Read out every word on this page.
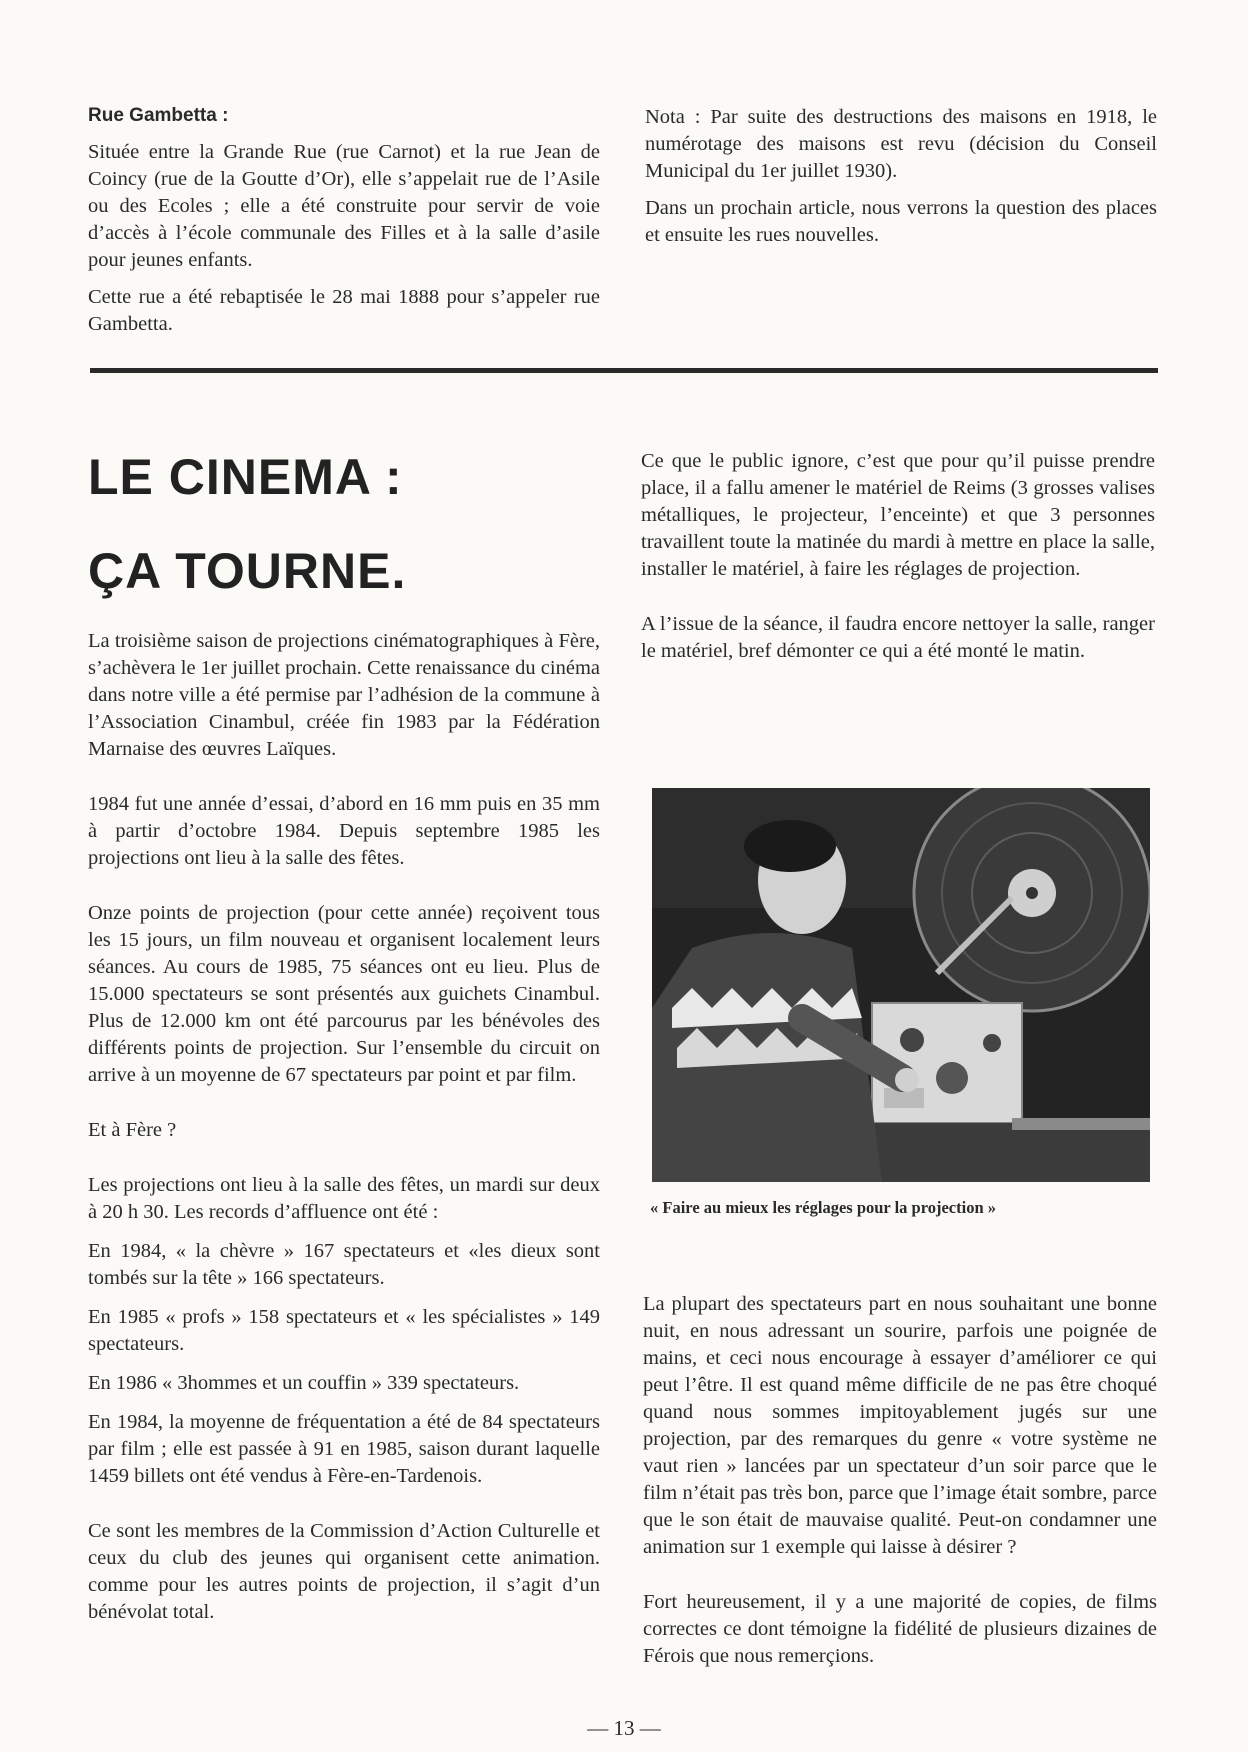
Rue Gambetta :

Située entre la Grande Rue (rue Carnot) et la rue Jean de Coincy (rue de la Goutte d’Or), elle s’appelait rue de l’Asile ou des Ecoles ; elle a été construite pour servir de voie d’accès à l’école communale des Filles et à la salle d’asile pour jeunes enfants.

Cette rue a été rebaptisée le 28 mai 1888 pour s’appeler rue Gambetta.

Nota : Par suite des destructions des maisons en 1918, le numérotage des maisons est revu (décision du Conseil Municipal du 1er juillet 1930).

Dans un prochain article, nous verrons la question des places et ensuite les rues nouvelles.

LE CINEMA :
ÇA TOURNE.

La troisième saison de projections cinématographiques à Fère, s’achèvera le 1er juillet prochain. Cette renaissance du cinéma dans notre ville a été permise par l’adhésion de la commune à l’Association Cinambul, créée fin 1983 par la Fédération Marnaise des œuvres Laïques.

1984 fut une année d’essai, d’abord en 16 mm puis en 35 mm à partir d’octobre 1984. Depuis septembre 1985 les projections ont lieu à la salle des fêtes.

Onze points de projection (pour cette année) reçoivent tous les 15 jours, un film nouveau et organisent localement leurs séances. Au cours de 1985, 75 séances ont eu lieu. Plus de 15.000 spectateurs se sont présentés aux guichets Cinambul. Plus de 12.000 km ont été parcourus par les bénévoles des différents points de projection. Sur l’ensemble du circuit on arrive à un moyenne de 67 spectateurs par point et par film.

Et à Fère ?

Les projections ont lieu à la salle des fêtes, un mardi sur deux à 20 h 30. Les records d’affluence ont été :

En 1984, « la chèvre » 167 spectateurs et «les dieux sont tombés sur la tête » 166 spectateurs.

En 1985 « profs » 158 spectateurs et « les spécialistes » 149 spectateurs.

En 1986 « 3hommes et un couffin » 339 spectateurs.

En 1984, la moyenne de fréquentation a été de 84 spectateurs par film ; elle est passée à 91 en 1985, saison durant laquelle 1459 billets ont été vendus à Fère-en-Tardenois.

Ce sont les membres de la Commission d’Action Culturelle et ceux du club des jeunes qui organisent cette animation. comme pour les autres points de projection, il s’agit d’un bénévolat total.

Ce que le public ignore, c’est que pour qu’il puisse prendre place, il a fallu amener le matériel de Reims (3 grosses valises métalliques, le projecteur, l’enceinte) et que 3 personnes travaillent toute la matinée du mardi à mettre en place la salle, installer le matériel, à faire les réglages de projection.

A l’issue de la séance, il faudra encore nettoyer la salle, ranger le matériel, bref démonter ce qui a été monté le matin.

« Faire au mieux les réglages pour la projection »

La plupart des spectateurs part en nous souhaitant une bonne nuit, en nous adressant un sourire, parfois une poignée de mains, et ceci nous encourage à essayer d’améliorer ce qui peut l’être. Il est quand même difficile de ne pas être choqué quand nous sommes impitoyablement jugés sur une projection, par des remarques du genre « votre système ne vaut rien » lancées par un spectateur d’un soir parce que le film n’était pas très bon, parce que l’image était sombre, parce que le son était de mauvaise qualité. Peut-on condamner une animation sur 1 exemple qui laisse à désirer ?

Fort heureusement, il y a une majorité de copies, de films correctes ce dont témoigne la fidélité de plusieurs dizaines de Férois que nous remerçions.

— 13 —
